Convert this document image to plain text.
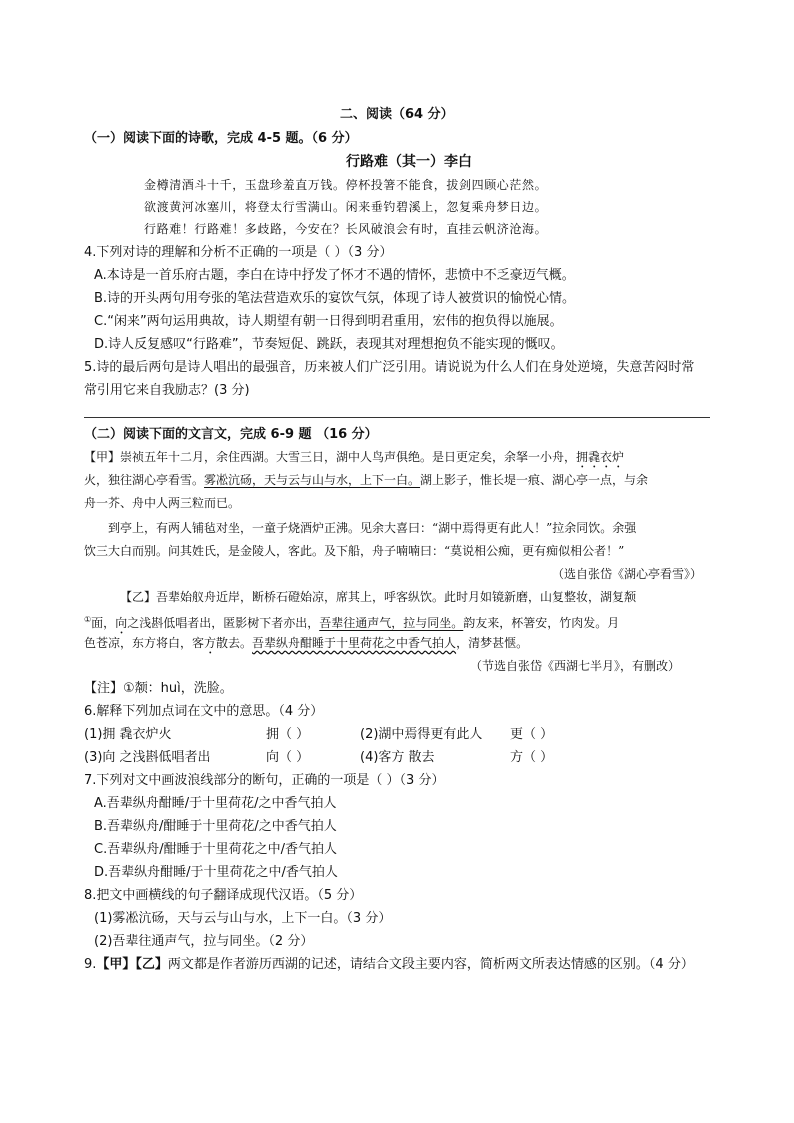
二、阅读（64 分）
（一）阅读下面的诗歌，完成 4-5 题。（6 分）
行路难（其一）李白
金樽清酒斗十千，玉盘珍羞直万钱。停杯投箸不能食，拔剑四顾心茫然。
欲渡黄河冰塞川，将登太行雪满山。闲来垂钓碧溪上，忽复乘舟梦日边。
行路难！行路难！多歧路，今安在？长风破浪会有时，直挂云帆济沧海。
4.下列对诗的理解和分析不正确的一项是（ ）（3 分）
A.本诗是一首乐府古题，李白在诗中抒发了怀才不遇的情怀，悲愤中不乏豪迈气概。
B.诗的开头两句用夸张的笔法营造欢乐的宴饮气氛，体现了诗人被赏识的愉悦心情。
C.“闲来”两句运用典故，诗人期望有朝一日得到明君重用，宏伟的抱负得以施展。
D.诗人反复感叹“行路难”，节奏短促、跳跃，表现其对理想抱负不能实现的慨叹。
5.诗的最后两句是诗人唱出的最强音，历来被人们广泛引用。请说说为什么人们在身处逆境，失意苦闷时常
常引用它来自我励志？(3 分)
（二）阅读下面的文言文，完成 6-9 题 （16 分）
【甲】崇祯五年十二月，余住西湖。大雪三日，湖中人鸟声俱绝。是日更定矣，余拏一小舟，拥毳衣炉
火，独往湖心亭看雪。雾凇沆砀，天与云与山与水，上下一白。湖上影子，惟长堤一痕、湖心亭一点，与余
舟一芥、舟中人两三粒而已。
到亭上，有两人铺毡对坐，一童子烧酒炉正沸。见余大喜曰：“湖中焉得更有此人！”拉余同饮。余强
饮三大白而别。问其姓氏，是金陵人，客此。及下船，舟子喃喃曰：“莫说相公痴，更有痴似相公者！”
（选自张岱《湖心亭看雪》）
【乙】吾辈始舣舟近岸，断桥石磴始凉，席其上，呼客纵饮。此时月如镜新磨，山复整妆，湖复颒
①面，向之浅斟低唱者出，匿影树下者亦出，吾辈往通声气，拉与同坐。韵友来，杯箸安，竹肉发。月
色苍凉，东方将白，客方散去。吾辈纵舟酣睡于十里荷花之中香气拍人，清梦甚惬。
（节选自张岱《西湖七半月》，有删改）
【注】①颒：huì，洗脸。
6.解释下列加点词在文中的意思。（4 分）
(1)拥 毳衣炉火	拥（ ）	(2)湖中焉得更有此人 更（ ）
(3)向 之浅斟低唱者出	向（ ）	(4)客方 散去	方（ ）
7.下列对文中画波浪线部分的断句，正确的一项是（ ）（3 分）
A.吾辈纵舟酣睡/于十里荷花/之中香气拍人
B.吾辈纵舟/酣睡于十里荷花/之中香气拍人
C.吾辈纵舟/酣睡于十里荷花之中/香气拍人
D.吾辈纵舟酣睡/于十里荷花之中/香气拍人
8.把文中画横线的句子翻译成现代汉语。（5 分）
(1)雾凇沆砀，天与云与山与水，上下一白。（3 分）
(2)吾辈往通声气，拉与同坐。（2 分）
9.【甲】【乙】两文都是作者游历西湖的记述，请结合文段主要内容，简析两文所表达情感的区别。（4 分）
